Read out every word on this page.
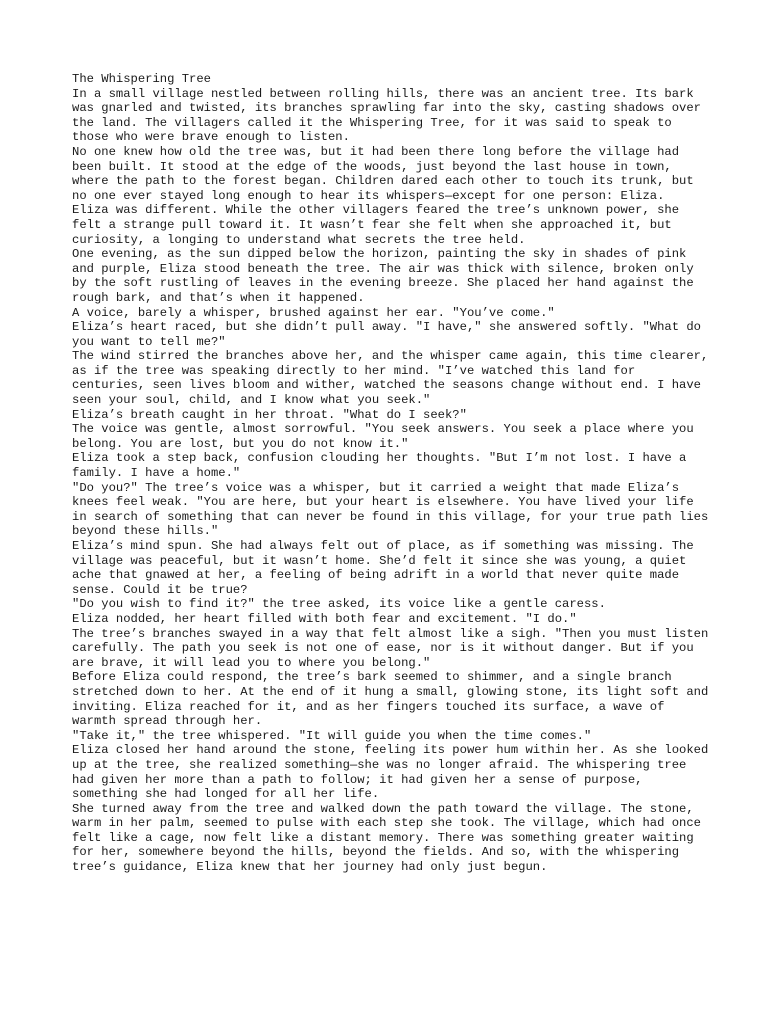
The Whispering Tree

In a small village nestled between rolling hills, there was an ancient tree. Its bark was gnarled and twisted, its branches sprawling far into the sky, casting shadows over the land. The villagers called it the Whispering Tree, for it was said to speak to those who were brave enough to listen.

No one knew how old the tree was, but it had been there long before the village had been built. It stood at the edge of the woods, just beyond the last house in town, where the path to the forest began. Children dared each other to touch its trunk, but no one ever stayed long enough to hear its whispers—except for one person: Eliza.

Eliza was different. While the other villagers feared the tree’s unknown power, she felt a strange pull toward it. It wasn’t fear she felt when she approached it, but curiosity, a longing to understand what secrets the tree held.

One evening, as the sun dipped below the horizon, painting the sky in shades of pink and purple, Eliza stood beneath the tree. The air was thick with silence, broken only by the soft rustling of leaves in the evening breeze. She placed her hand against the rough bark, and that’s when it happened.

A voice, barely a whisper, brushed against her ear. "You’ve come."

Eliza’s heart raced, but she didn’t pull away. "I have," she answered softly. "What do you want to tell me?"

The wind stirred the branches above her, and the whisper came again, this time clearer, as if the tree was speaking directly to her mind. "I’ve watched this land for centuries, seen lives bloom and wither, watched the seasons change without end. I have seen your soul, child, and I know what you seek."

Eliza’s breath caught in her throat. "What do I seek?"

The voice was gentle, almost sorrowful. "You seek answers. You seek a place where you belong. You are lost, but you do not know it."

Eliza took a step back, confusion clouding her thoughts. "But I’m not lost. I have a family. I have a home."

"Do you?" The tree’s voice was a whisper, but it carried a weight that made Eliza’s knees feel weak. "You are here, but your heart is elsewhere. You have lived your life in search of something that can never be found in this village, for your true path lies beyond these hills."

Eliza’s mind spun. She had always felt out of place, as if something was missing. The village was peaceful, but it wasn’t home. She’d felt it since she was young, a quiet ache that gnawed at her, a feeling of being adrift in a world that never quite made sense. Could it be true?

"Do you wish to find it?" the tree asked, its voice like a gentle caress.

Eliza nodded, her heart filled with both fear and excitement. "I do."

The tree’s branches swayed in a way that felt almost like a sigh. "Then you must listen carefully. The path you seek is not one of ease, nor is it without danger. But if you are brave, it will lead you to where you belong."

Before Eliza could respond, the tree’s bark seemed to shimmer, and a single branch stretched down to her. At the end of it hung a small, glowing stone, its light soft and inviting. Eliza reached for it, and as her fingers touched its surface, a wave of warmth spread through her.

"Take it," the tree whispered. "It will guide you when the time comes."

Eliza closed her hand around the stone, feeling its power hum within her. As she looked up at the tree, she realized something—she was no longer afraid. The whispering tree had given her more than a path to follow; it had given her a sense of purpose, something she had longed for all her life.

She turned away from the tree and walked down the path toward the village. The stone, warm in her palm, seemed to pulse with each step she took. The village, which had once felt like a cage, now felt like a distant memory. There was something greater waiting for her, somewhere beyond the hills, beyond the fields. And so, with the whispering tree’s guidance, Eliza knew that her journey had only just begun.
